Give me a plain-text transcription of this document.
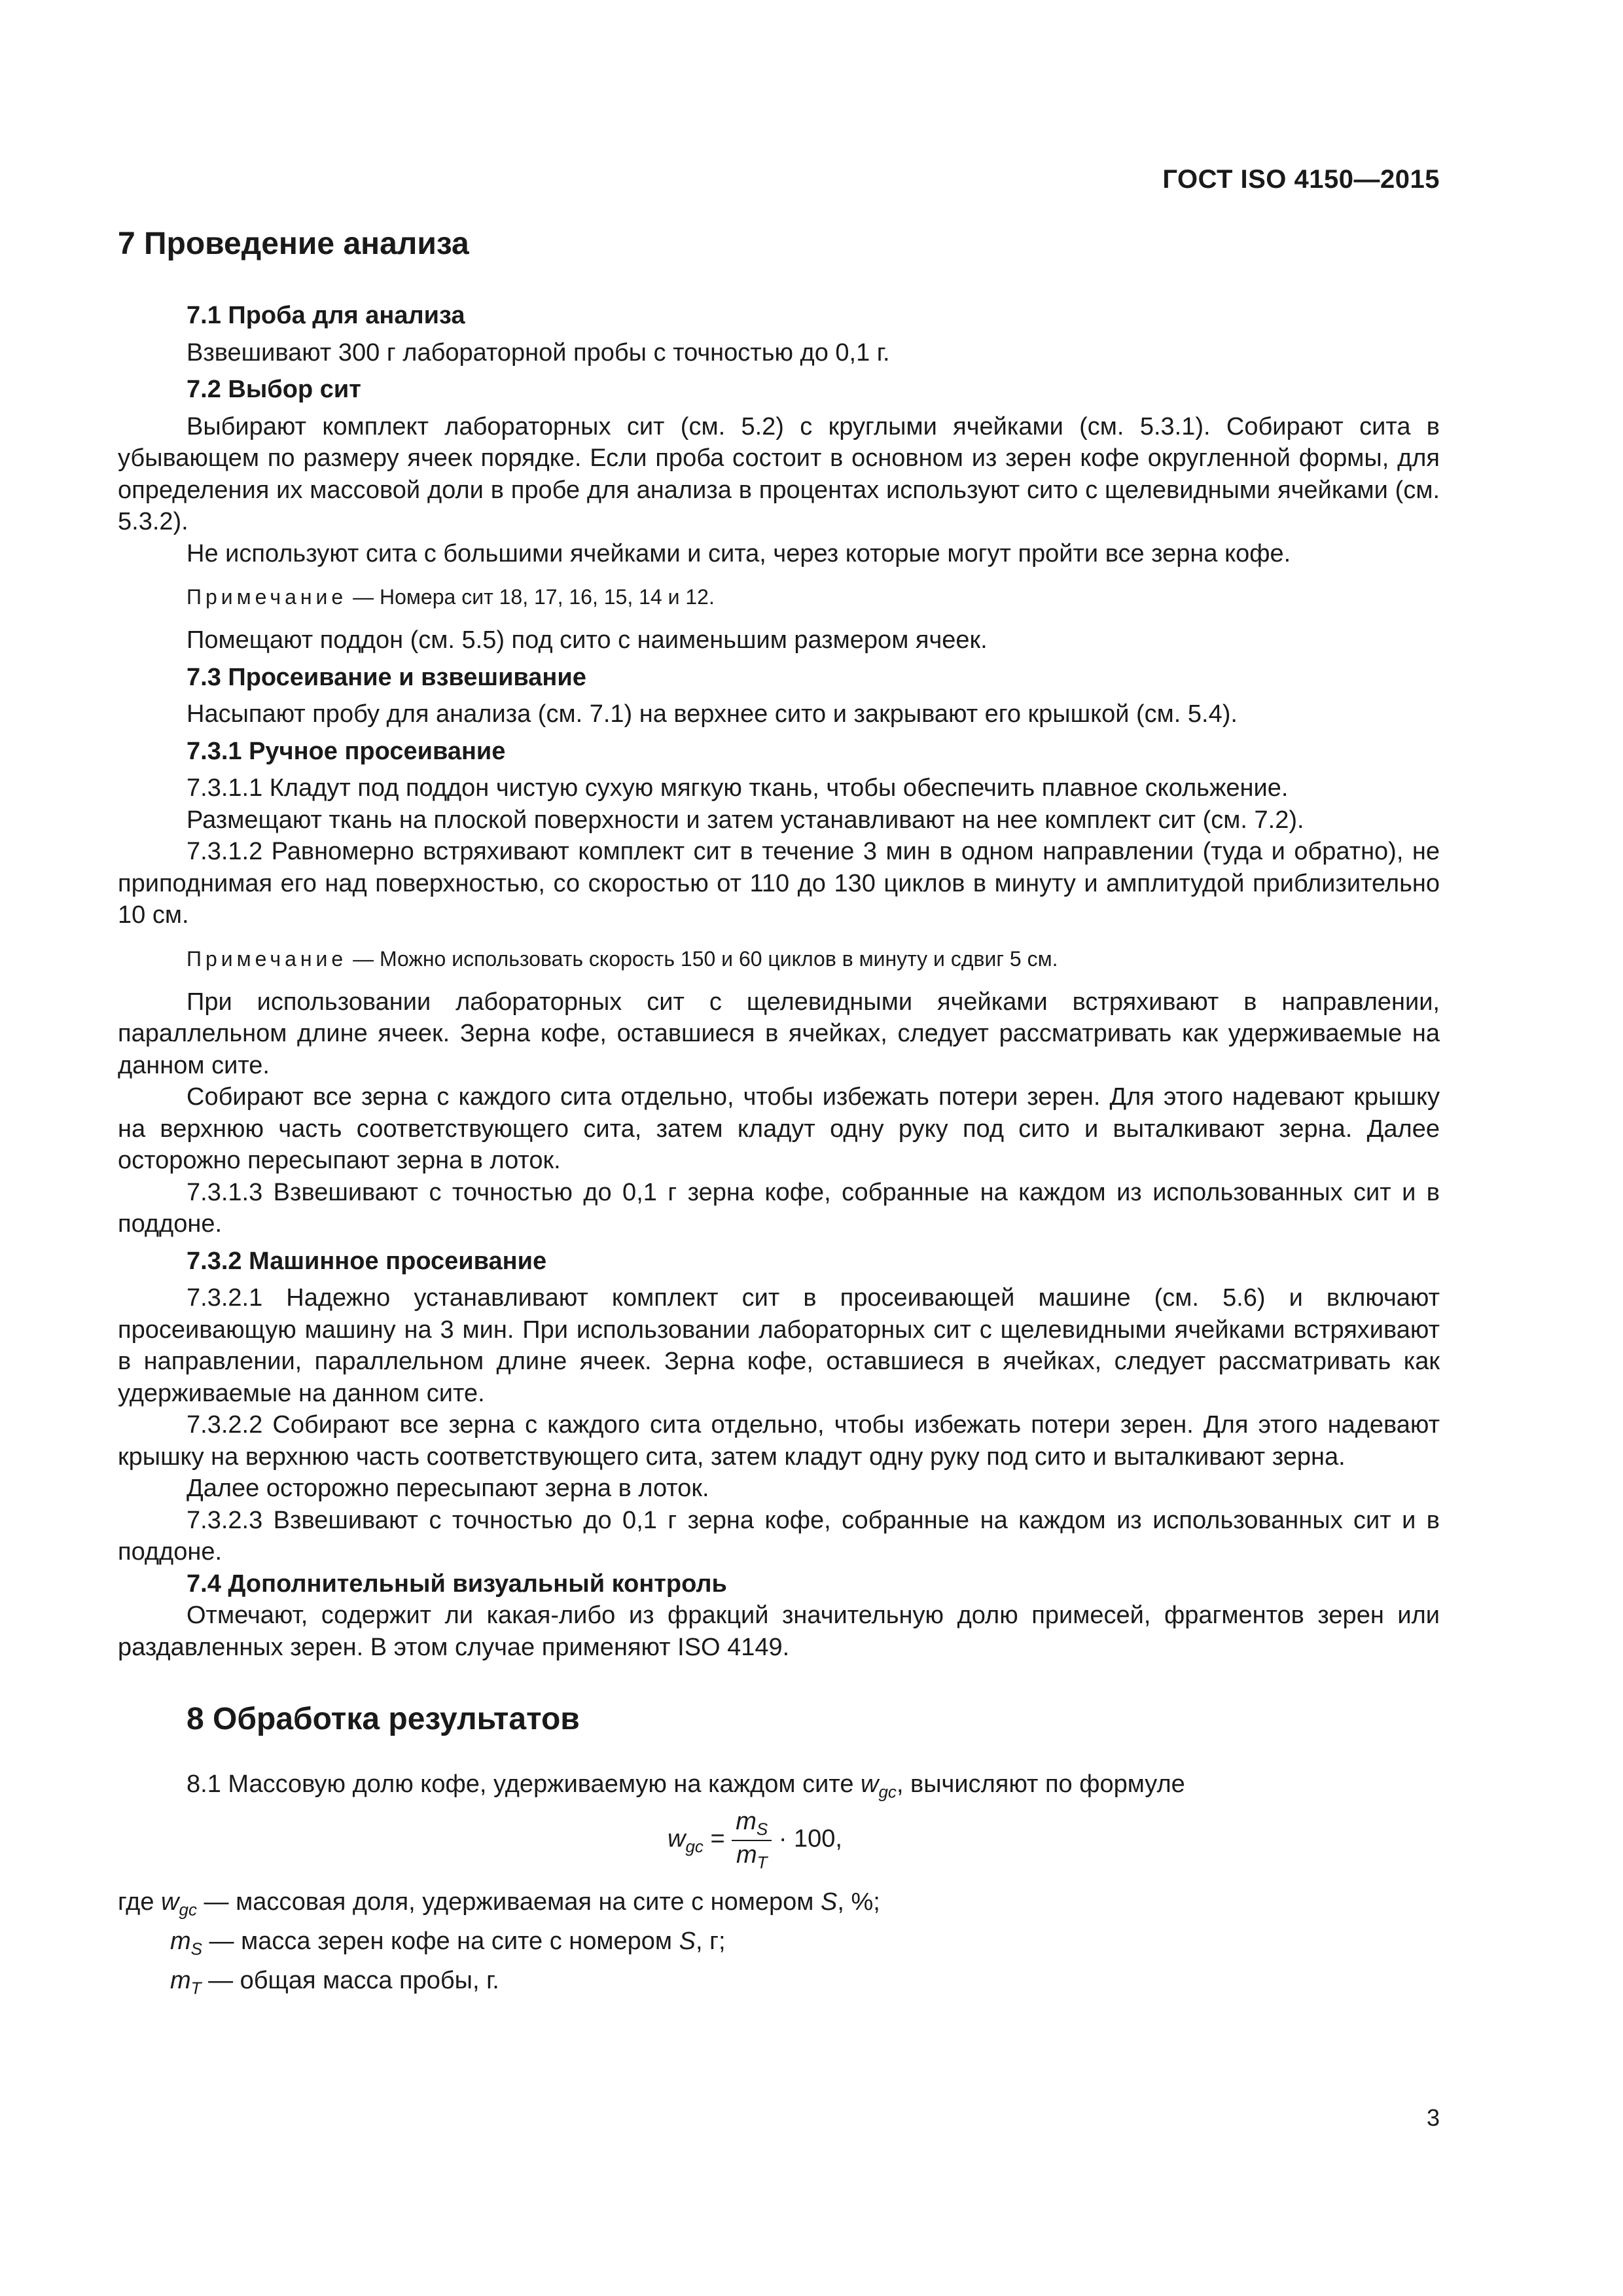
ГОСТ ISO 4150—2015
7 Проведение анализа

7.1 Проба для анализа

Взвешивают 300 г лабораторной пробы с точностью до 0,1 г.

7.2 Выбор сит

Выбирают комплект лабораторных сит (см. 5.2) с круглыми ячейками (см. 5.3.1). Собирают сита в убывающем по размеру ячеек порядке. Если проба состоит в основном из зерен кофе округленной формы, для определения их массовой доли в пробе для анализа в процентах используют сито с щелевидными ячейками (см. 5.3.2).

Не используют сита с большими ячейками и сита, через которые могут пройти все зерна кофе.

Примечание — Номера сит 18, 17, 16, 15, 14 и 12.

Помещают поддон (см. 5.5) под сито с наименьшим размером ячеек.

7.3 Просеивание и взвешивание

Насыпают пробу для анализа (см. 7.1) на верхнее сито и закрывают его крышкой (см. 5.4).

7.3.1 Ручное просеивание

7.3.1.1 Кладут под поддон чистую сухую мягкую ткань, чтобы обеспечить плавное скольжение.

Размещают ткань на плоской поверхности и затем устанавливают на нее комплект сит (см. 7.2).

7.3.1.2 Равномерно встряхивают комплект сит в течение 3 мин в одном направлении (туда и обратно), не приподнимая его над поверхностью, со скоростью от 110 до 130 циклов в минуту и амплитудой приблизительно 10 см.

Примечание — Можно использовать скорость 150 и 60 циклов в минуту и сдвиг 5 см.

При использовании лабораторных сит с щелевидными ячейками встряхивают в направлении, параллельном длине ячеек. Зерна кофе, оставшиеся в ячейках, следует рассматривать как удерживаемые на данном сите.

Собирают все зерна с каждого сита отдельно, чтобы избежать потери зерен. Для этого надевают крышку на верхнюю часть соответствующего сита, затем кладут одну руку под сито и выталкивают зерна. Далее осторожно пересыпают зерна в лоток.

7.3.1.3 Взвешивают с точностью до 0,1 г зерна кофе, собранные на каждом из использованных сит и в поддоне.

7.3.2 Машинное просеивание

7.3.2.1 Надежно устанавливают комплект сит в просеивающей машине (см. 5.6) и включают просеивающую машину на 3 мин. При использовании лабораторных сит с щелевидными ячейками встряхивают в направлении, параллельном длине ячеек. Зерна кофе, оставшиеся в ячейках, следует рассматривать как удерживаемые на данном сите.

7.3.2.2 Собирают все зерна с каждого сита отдельно, чтобы избежать потери зерен. Для этого надевают крышку на верхнюю часть соответствующего сита, затем кладут одну руку под сито и выталкивают зерна.

Далее осторожно пересыпают зерна в лоток.

7.3.2.3 Взвешивают с точностью до 0,1 г зерна кофе, собранные на каждом из использованных сит и в поддоне.

7.4 Дополнительный визуальный контроль

Отмечают, содержит ли какая-либо из фракций значительную долю примесей, фрагментов зерен или раздавленных зерен. В этом случае применяют ISO 4149.

8 Обработка результатов

8.1 Массовую долю кофе, удерживаемую на каждом сите $w_{gc}$, вычисляют по формуле

$w_{gc} = \frac{m_S}{m_T} \cdot 100$,

где $w_{gc}$ — массовая доля, удерживаемая на сите с номером S, %;

$m_S$ — масса зерен кофе на сите с номером S, г;

$m_T$ — общая масса пробы, г.

3
